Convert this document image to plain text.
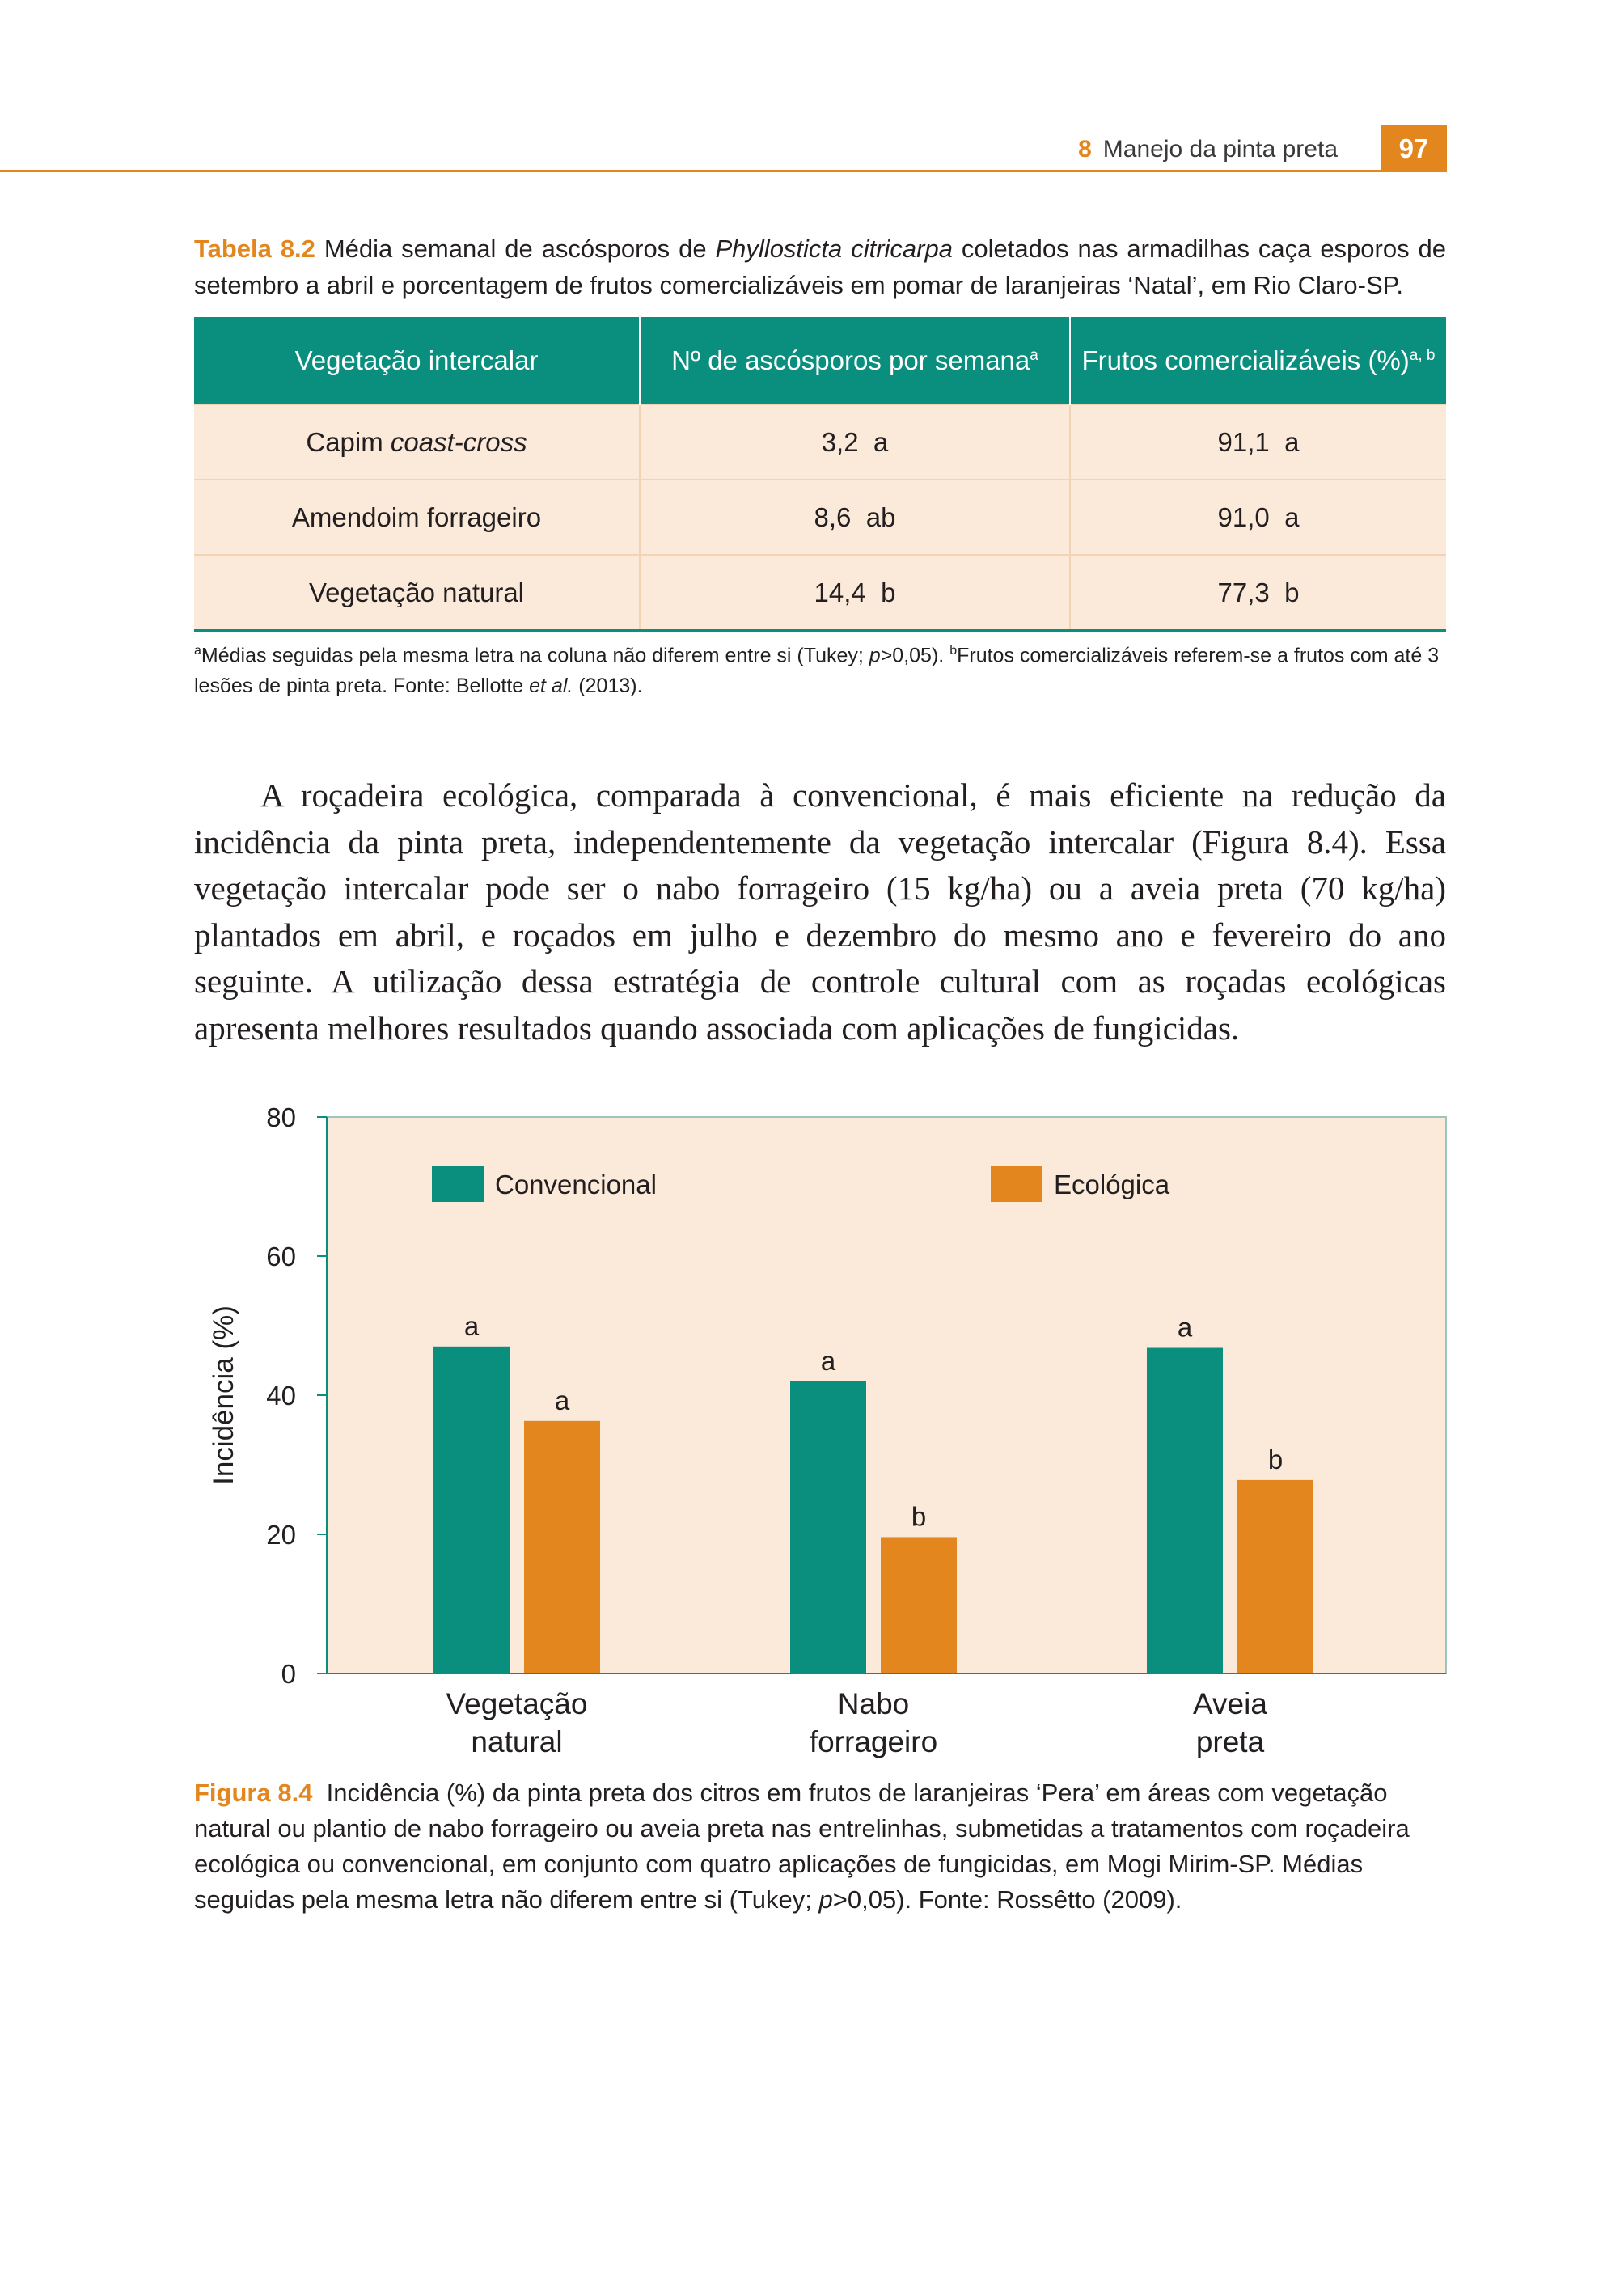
8 Manejo da pinta preta	97
Tabela 8.2 Média semanal de ascósporos de Phyllosticta citricarpa coletados nas armadilhas caça esporos de setembro a abril e porcentagem de frutos comercializáveis em pomar de laranjeiras ‘Natal’, em Rio Claro-SP.
Vegetação intercalar	Nº de ascósporos por semana$^a$	Frutos comercializáveis (%)$^{a, b}$
Capim coast-cross	3,2  a	91,1  a
Amendoim forrageiro	8,6  ab	91,0  a
Vegetação natural	14,4  b	77,3  b
$^a$Médias seguidas pela mesma letra na coluna não diferem entre si (Tukey; p>0,05). $^b$Frutos comercializáveis referem-se a frutos com até 3 lesões de pinta preta. Fonte: Bellotte et al. (2013).
A roçadeira ecológica, comparada à convencional, é mais eficiente na redução da incidência da pinta preta, independentemente da vegetação intercalar (Figura 8.4). Essa vegetação intercalar pode ser o nabo forrageiro (15 kg/ha) ou a aveia preta (70 kg/ha) plantados em abril, e roçados em julho e dezembro do mesmo ano e fevereiro do ano seguinte. A utilização dessa estratégia de controle cultural com as roçadas ecológicas apresenta melhores resultados quando associada com aplicações de fungicidas.
0
20
40
60
80
a
a
a
b
a
b
Vegetação
natural
Nabo
forrageiro
Aveia
preta
Convencional	Ecológica
Incidência (%)
Figura 8.4  Incidência (%) da pinta preta dos citros em frutos de laranjeiras ‘Pera’ em áreas com vegetação natural ou plantio de nabo forrageiro ou aveia preta nas entrelinhas, submetidas a tratamentos com roçadeira ecológica ou convencional, em conjunto com quatro aplicações de fungicidas, em Mogi Mirim-SP. Médias seguidas pela mesma letra não diferem entre si (Tukey; p>0,05). Fonte: Rossêtto (2009).
